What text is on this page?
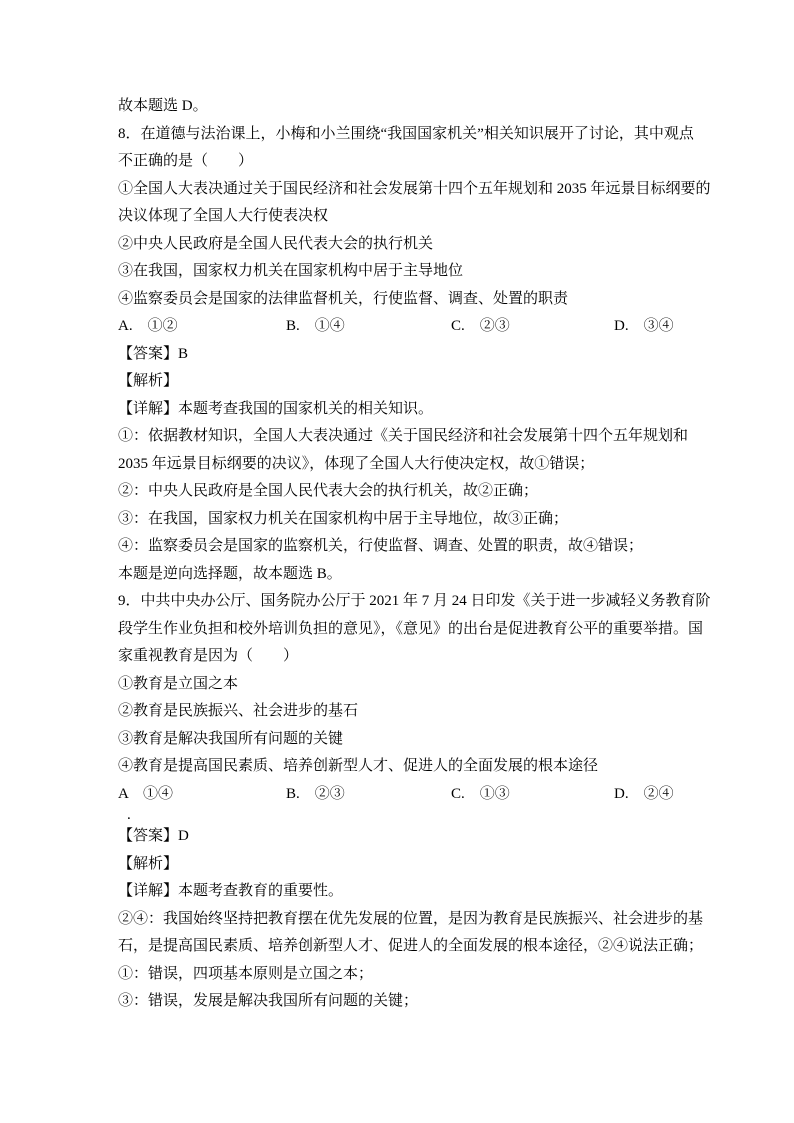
故本题选 D。
8．在道德与法治课上，小梅和小兰围绕“我国国家机关”相关知识展开了讨论，其中观点
不正确的是（　　）
①全国人大表决通过关于国民经济和社会发展第十四个五年规划和 2035 年远景目标纲要的
决议体现了全国人大行使表决权
②中央人民政府是全国人民代表大会的执行机关
③在我国，国家权力机关在国家机构中居于主导地位
④监察委员会是国家的法律监督机关，行使监督、调查、处置的职责
A.　①②	B.　①④	C.　②③	D.　③④
【答案】B
【解析】
【详解】本题考查我国的国家机关的相关知识。
①：依据教材知识，全国人大表决通过《关于国民经济和社会发展第十四个五年规划和
2035 年远景目标纲要的决议》，体现了全国人大行使决定权，故①错误；
②：中央人民政府是全国人民代表大会的执行机关，故②正确；
③：在我国，国家权力机关在国家机构中居于主导地位，故③正确；
④：监察委员会是国家的监察机关，行使监督、调查、处置的职责，故④错误；
本题是逆向选择题，故本题选 B。
9．中共中央办公厅、国务院办公厅于 2021 年 7 月 24 日印发《关于进一步减轻义务教育阶
段学生作业负担和校外培训负担的意见》，《意见》的出台是促进教育公平的重要举措。国
家重视教育是因为（　　）
①教育是立国之本
②教育是民族振兴、社会进步的基石
③教育是解决我国所有问题的关键
④教育是提高国民素质、培养创新型人才、促进人的全面发展的根本途径
A　①④	B.　②③	C.　①③	D.　②④
.
【答案】D
【解析】
【详解】本题考查教育的重要性。
②④：我国始终坚持把教育摆在优先发展的位置，是因为教育是民族振兴、社会进步的基
石，是提高国民素质、培养创新型人才、促进人的全面发展的根本途径，②④说法正确；
①：错误，四项基本原则是立国之本；
③：错误，发展是解决我国所有问题的关键；
